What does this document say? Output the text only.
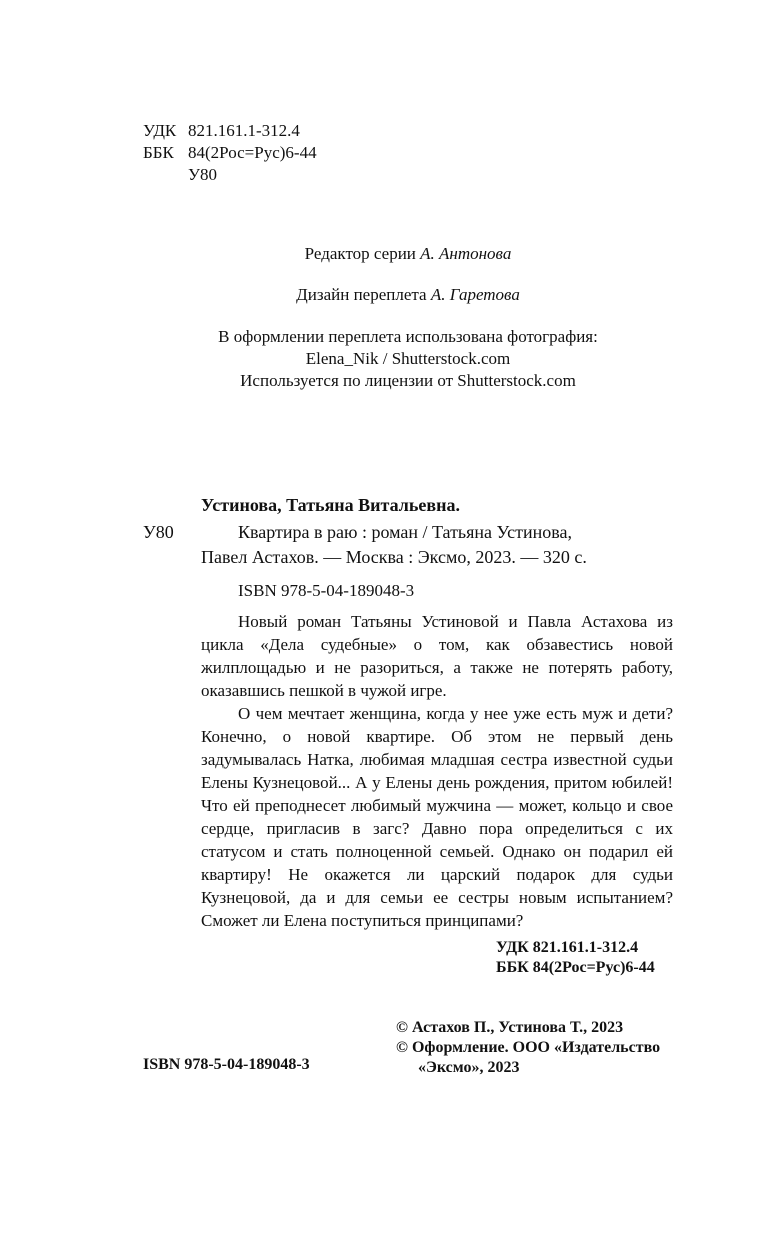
УДК 821.161.1-312.4
ББК 84(2Рос=Рус)6-44
У80
Редактор серии А. Антонова
Дизайн переплета А. Гаретова
В оформлении переплета использована фотография:
Elena_Nik / Shutterstock.com
Используется по лицензии от Shutterstock.com
Устинова, Татьяна Витальевна.
У80	Квартира в раю : роман / Татьяна Устинова,
Павел Астахов. — Москва : Эксмо, 2023. — 320 с.
ISBN 978-5-04-189048-3

Новый роман Татьяны Устиновой и Павла Астахова из цикла «Дела судебные» о том, как обзавестись новой жилплощадью и не разориться, а также не потерять работу, оказавшись пешкой в чужой игре.

О чем мечтает женщина, когда у нее уже есть муж и дети? Конечно, о новой квартире. Об этом не первый день задумывалась Натка, любимая младшая сестра известной судьи Елены Кузнецовой... А у Елены день рождения, притом юбилей! Что ей преподнесет любимый мужчина — может, кольцо и свое сердце, пригласив в загс? Давно пора определиться с их статусом и стать полноценной семьей. Однако он подарил ей квартиру! Не окажется ли царский подарок для судьи Кузнецовой, да и для семьи ее сестры новым испытанием? Сможет ли Елена поступиться принципами?

УДК 821.161.1-312.4
ББК 84(2Рос=Рус)6-44
© Астахов П., Устинова Т., 2023
© Оформление. ООО «Издательство
«Эксмо», 2023
ISBN 978-5-04-189048-3
